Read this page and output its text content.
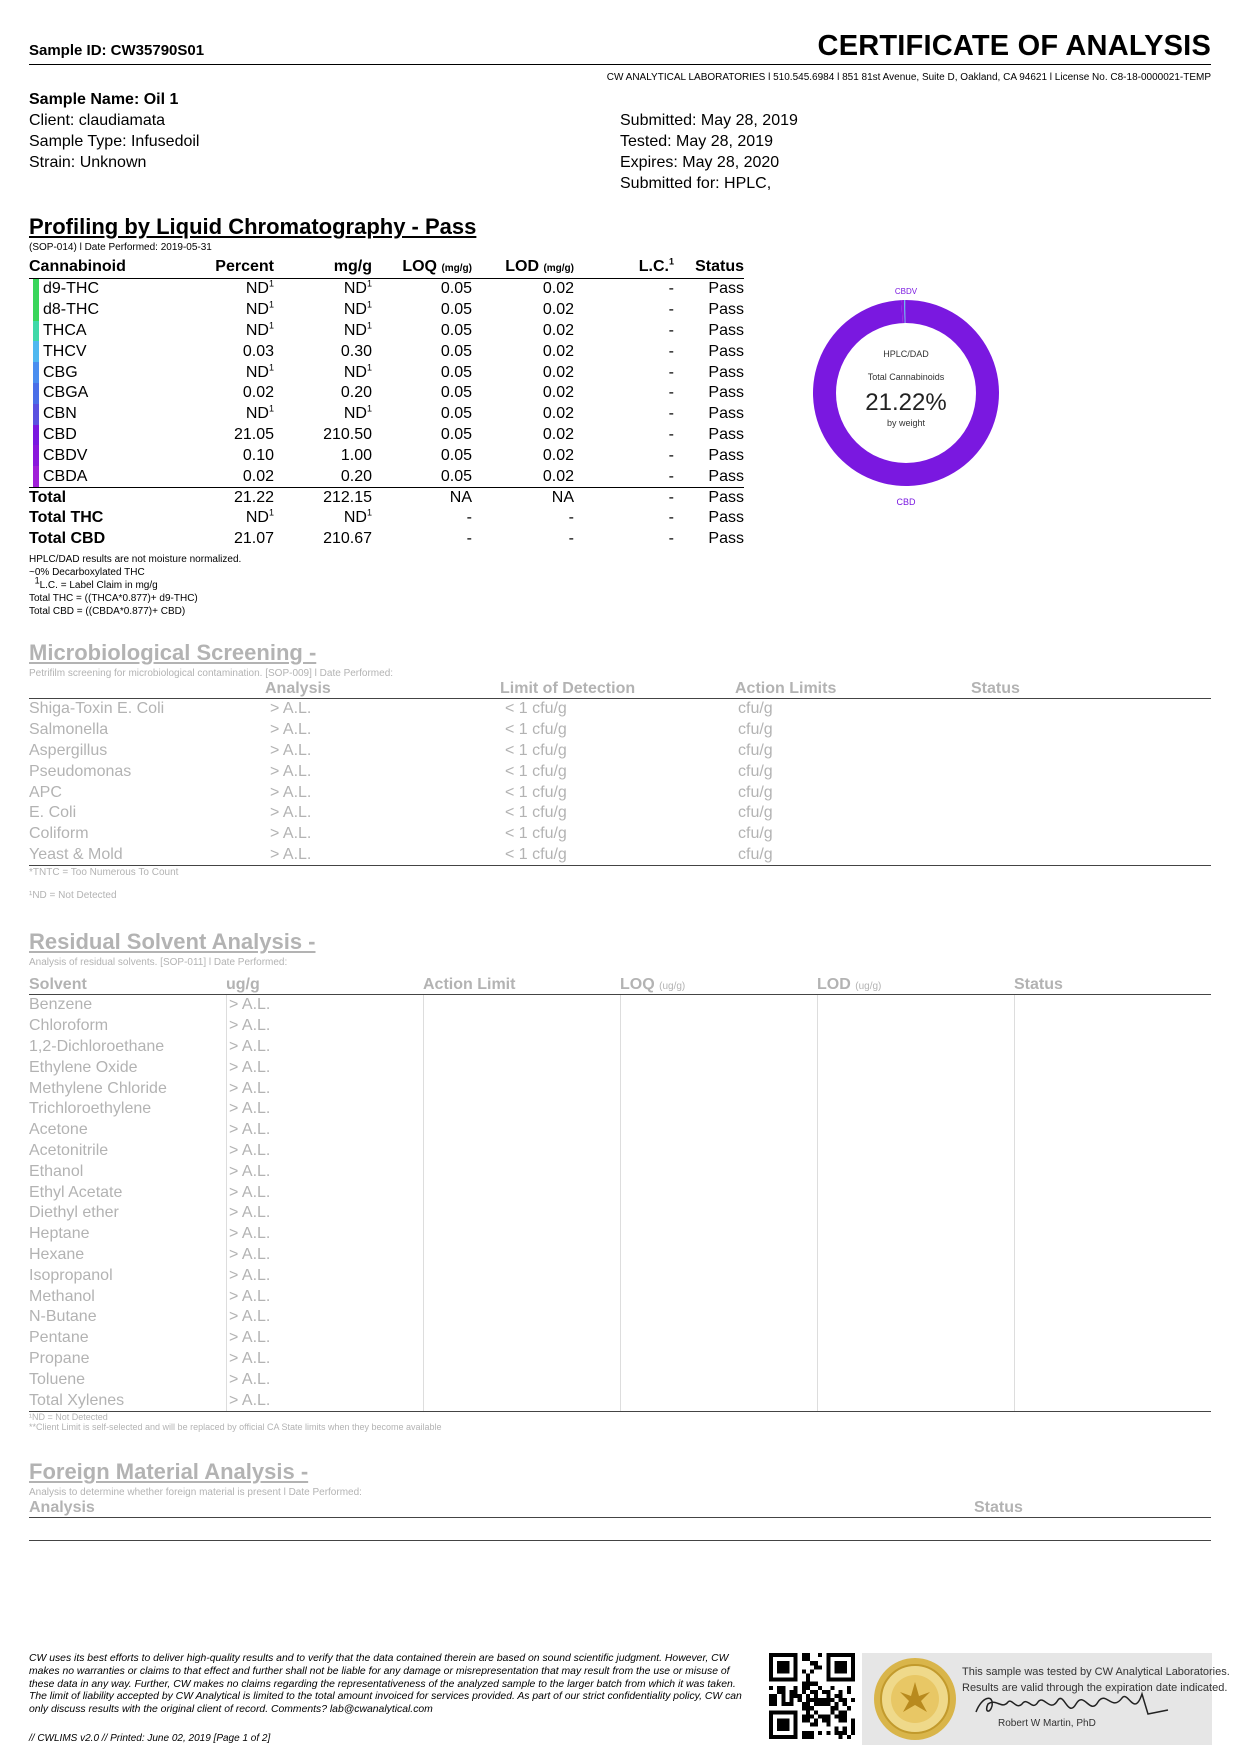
Sample ID: CW35790S01	CERTIFICATE OF ANALYSIS
CW ANALYTICAL LABORATORIES l 510.545.6984 l 851 81st Avenue, Suite D, Oakland, CA 94621 l License No. C8-18-0000021-TEMP
Sample Name: Oil 1
Client: claudiamata
Sample Type: Infusedoil
Strain: Unknown
Submitted: May 28, 2019
Tested: May 28, 2019
Expires: May 28, 2020
Submitted for: HPLC,
Profiling by Liquid Chromatography - Pass
(SOP-014) l Date Performed: 2019-05-31
Cannabinoid	Percent	mg/g	LOQ (mg/g)	LOD (mg/g)	L.C.$^1$	Status
d9-THC	$ND^1$	$ND^1$	0.05	0.02	-	Pass
d8-THC	$ND^1$	$ND^1$	0.05	0.02	-	Pass
THCA	$ND^1$	$ND^1$	0.05	0.02	-	Pass
THCV	0.03	0.30	0.05	0.02	-	Pass
CBG	$ND^1$	$ND^1$	0.05	0.02	-	Pass
CBGA	0.02	0.20	0.05	0.02	-	Pass
CBN	$ND^1$	$ND^1$	0.05	0.02	-	Pass
CBD	21.05	210.50	0.05	0.02	-	Pass
CBDV	0.10	1.00	0.05	0.02	-	Pass
CBDA	0.02	0.20	0.05	0.02	-	Pass
Total	21.22	212.15	NA	NA	-	Pass
Total THC	$ND^1$	$ND^1$	-	-	-	Pass
Total CBD	21.07	210.67	-	-	-	Pass
HPLC/DAD results are not moisture normalized.
~0% Decarboxylated THC
$^1$L.C. = Label Claim in mg/g
Total THC = ((THCA*0.877)+ d9-THC)
Total CBD = ((CBDA*0.877)+ CBD)
HPLC/DAD
Total Cannabinoids
21.22%
by weight
CBDV
CBD
Microbiological Screening -
Petrifilm screening for microbiological contamination. [SOP-009] l Date Performed:
Analysis	Limit of Detection	Action Limits	Status
Shiga-Toxin E. Coli	> A.L.	< 1 cfu/g	cfu/g
Salmonella	> A.L.	< 1 cfu/g	cfu/g
Aspergillus	> A.L.	< 1 cfu/g	cfu/g
Pseudomonas	> A.L.	< 1 cfu/g	cfu/g
APC	> A.L.	< 1 cfu/g	cfu/g
E. Coli	> A.L.	< 1 cfu/g	cfu/g
Coliform	> A.L.	< 1 cfu/g	cfu/g
Yeast & Mold	> A.L.	< 1 cfu/g	cfu/g
*TNTC = Too Numerous To Count
¹ND = Not Detected
Residual Solvent Analysis -
Analysis of residual solvents. [SOP-011] l Date Performed:
Solvent	ug/g	Action Limit	LOQ (ug/g)	LOD (ug/g)	Status
Benzene	> A.L.
Chloroform	> A.L.
1,2-Dichloroethane	> A.L.
Ethylene Oxide	> A.L.
Methylene Chloride	> A.L.
Trichloroethylene	> A.L.
Acetone	> A.L.
Acetonitrile	> A.L.
Ethanol	> A.L.
Ethyl Acetate	> A.L.
Diethyl ether	> A.L.
Heptane	> A.L.
Hexane	> A.L.
Isopropanol	> A.L.
Methanol	> A.L.
N-Butane	> A.L.
Pentane	> A.L.
Propane	> A.L.
Toluene	> A.L.
Total Xylenes	> A.L.
¹ND = Not Detected
**Client Limit is self-selected and will be replaced by official CA State limits when they become available
Foreign Material Analysis -
Analysis to determine whether foreign material is present l Date Performed:
Analysis	Status
CW uses its best efforts to deliver high-quality results and to verify that the data contained therein are based on sound scientific judgment. However, CW makes no warranties or claims to that effect and further shall not be liable for any damage or misrepresentation that may result from the use or misuse of these data in any way. Further, CW makes no claims regarding the representativeness of the analyzed sample to the larger batch from which it was taken. The limit of liability accepted by CW Analytical is limited to the total amount invoiced for services provided. As part of our strict confidentiality policy, CW can only discuss results with the original client of record. Comments? lab@cwanalytical.com
// CWLIMS v2.0 // Printed: June 02, 2019 [Page 1 of 2]
This sample was tested by CW Analytical Laboratories.
Results are valid through the expiration date indicated.
Robert W Martin, PhD
